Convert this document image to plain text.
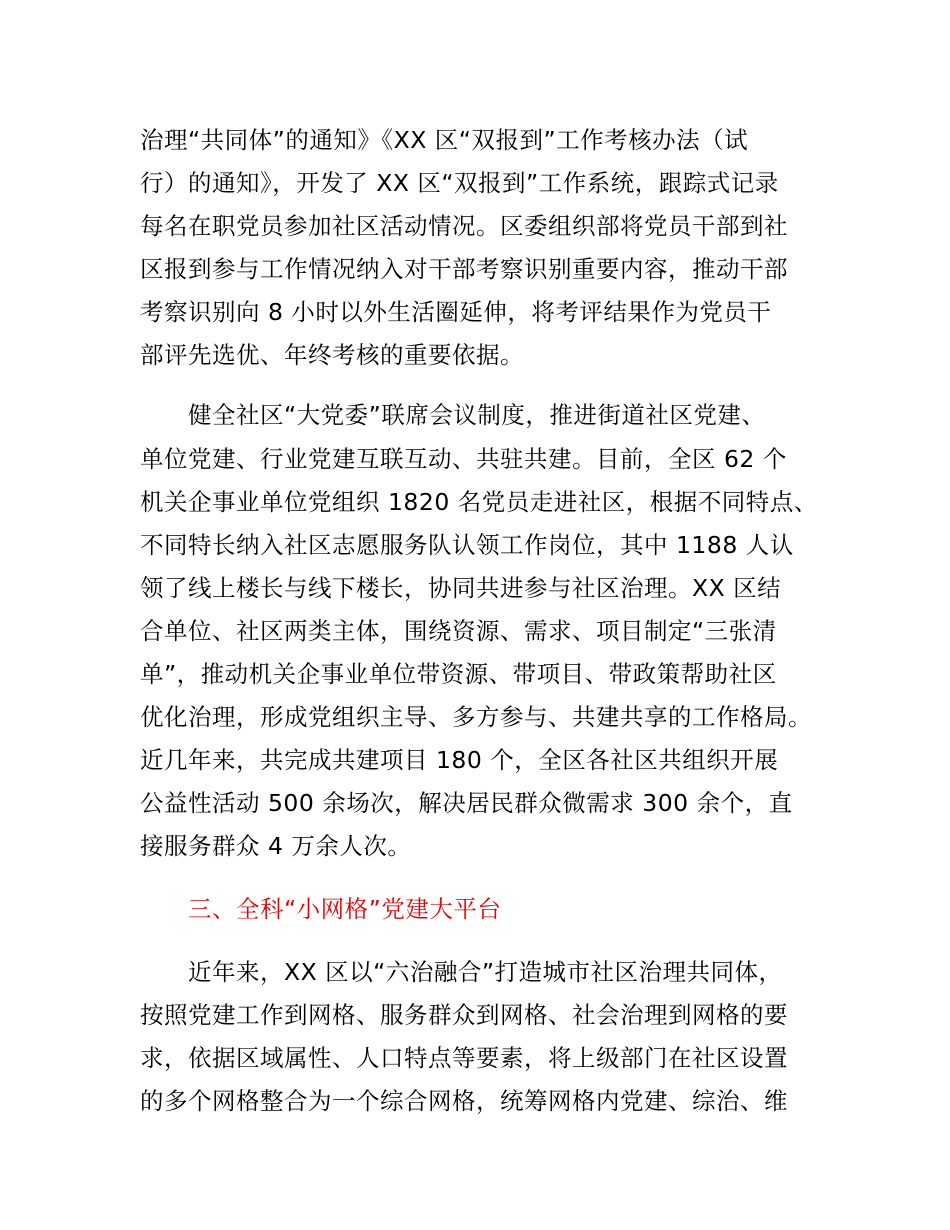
治理“共同体”的通知》《XX 区“双报到”工作考核办法（试
行）的通知》，开发了 XX 区“双报到”工作系统，跟踪式记录
每名在职党员参加社区活动情况。区委组织部将党员干部到社
区报到参与工作情况纳入对干部考察识别重要内容，推动干部
考察识别向 8 小时以外生活圈延伸，将考评结果作为党员干
部评先选优、年终考核的重要依据。
健全社区“大党委”联席会议制度，推进街道社区党建、
单位党建、行业党建互联互动、共驻共建。目前，全区 62 个
机关企事业单位党组织 1820 名党员走进社区，根据不同特点、
不同特长纳入社区志愿服务队认领工作岗位，其中 1188 人认
领了线上楼长与线下楼长，协同共进参与社区治理。XX 区结
合单位、社区两类主体，围绕资源、需求、项目制定“三张清
单”，推动机关企事业单位带资源、带项目、带政策帮助社区
优化治理，形成党组织主导、多方参与、共建共享的工作格局。
近几年来，共完成共建项目 180 个，全区各社区共组织开展
公益性活动 500 余场次，解决居民群众微需求 300 余个，直
接服务群众 4 万余人次。
三、全科“小网格”党建大平台
近年来，XX 区以“六治融合”打造城市社区治理共同体，
按照党建工作到网格、服务群众到网格、社会治理到网格的要
求，依据区域属性、人口特点等要素，将上级部门在社区设置
的多个网格整合为一个综合网格，统筹网格内党建、综治、维
